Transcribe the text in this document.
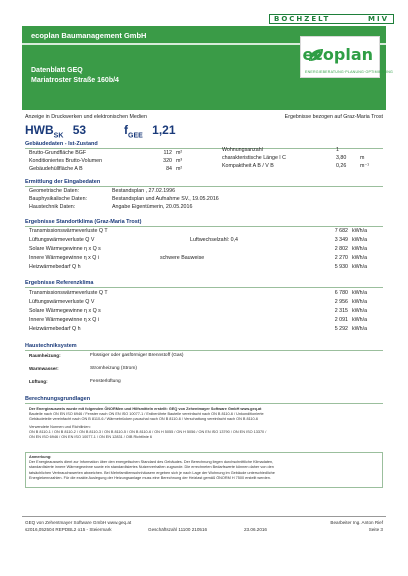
BÖCHZELT	MIV
ecoplan Baumanagement GmbH
Datenblatt GEQ
Mariatroster Straße 160b/4
ecoplan
ENERGIEBERATUNG·PLANUNG·OPTIMIERUNG
Anzeige in Druckwerken und elektronischen Medien	Ergebnisse bezogen auf Graz-Maria Trost
$HWB_{SK}$ 53	$f_{GEE}$ 1,21
Gebäudedaten - Ist-Zustand
Brutto-Grundfläche BGF	112 m²
Konditioniertes Brutto-Volumen	320 m³
Gebäudehüllfläche A B	84 m²
Wohnungsanzahl	1
charakteristische Länge l C	3,80	m
Kompaktheit A B / V B	0,26	m⁻¹
Ermittlung der Eingabedaten
Geometrische Daten:	Bestandsplan , 27.02.1996
Bauphysikalische Daten:	Bestandsplan und Aufnahme SV., 19.05.2016
Haustechnik Daten:	Angabe Eigentümerin, 20.05.2016
Ergebnisse Standortklima (Graz-Maria Trost)
Transmissionswärmeverluste Q T	7 682 kWh/a
Lüftungswärmeverluste Q V	Luftwechselzahl: 0,4	3 349 kWh/a
Solare Wärmegewinne η x Q s	2 802 kWh/a
Innere Wärmegewinne η x Q i	schwere Bauweise	2 270 kWh/a
Heizwärmebedarf Q h	5 930 kWh/a
Ergebnisse Referenzklima
Transmissionswärmeverluste Q T	6 780 kWh/a
Lüftungswärmeverluste Q V	2 956 kWh/a
Solare Wärmegewinne η x Q s	2 315 kWh/a
Innere Wärmegewinne η x Q i	2 091 kWh/a
Heizwärmebedarf Q h	5 292 kWh/a
Haustechniksystem
Raumheizung:	Flüssiger oder gasförmiger Brennstoff (Gas)
Warmwasser:	Stromheizung (Strom)
Lüftung:	Fensterlüftung
Berechnungsgrundlagen
Der Energieausweis wurde mit folgenden ÖNORMen und Hilfsmitteln erstellt: GEQ von Zehentmayer Software GmbH www.geq.at
Bauteile nach ON EN ISO 6946 / Fenster nach ON EN ISO 10077-1 / Erdberührte Bauteile vereinfacht nach ON B 8110-6 / Unkonditionierte
Gebäudeteile vereinfacht nach ON B 8110-6 / Wärmebrücken pauschal nach ON B 8110-6 / Verschattung vereinfacht nach ON B 8110-6
Verwendete Normen und Richtlinien:
ON B 8110-1 / ON B 8110-2 / ON B 8110-3 / ON B 8110-5 / ON B 8110-6 / ON H 5055 / ON H 5056 / ON EN ISO 13790 / ON EN ISO 13370 /
ON EN ISO 6946 / ON EN ISO 10077-1 / ON EN 12831 / OIB Richtlinie 6
Anmerkung:
Der Energieausweis dient zur Information über den energetischen Standard des Gebäudes. Der Berechnung liegen durchschnittliche Klimadaten,
standardisierte innere Wärmegewinne sowie ein standardisiertes Nutzerverhalten zugrunde. Die errechneten Bedarfswerte können daher von den
tatsächlichen Verbrauchswerten abweichen. Bei Mehrfamilienwohnhäusern ergeben sich je nach Lage der Wohnung im Gebäude unterschiedliche
Energiekennzahlen. Für die exakte Auslegung der Heizungsanlage muss eine Berechnung der Heizlast gemäß ÖNORM H 7500 erstellt werden.
GEQ von Zehentmayer Software GmbH www.geq.at
s2016,052504 REPDBL2 o15 - Steiermark	Geschäftszahl 11100 210516	23.06.2016
Bearbeiter Ing. Anton Rief
Seite 3
